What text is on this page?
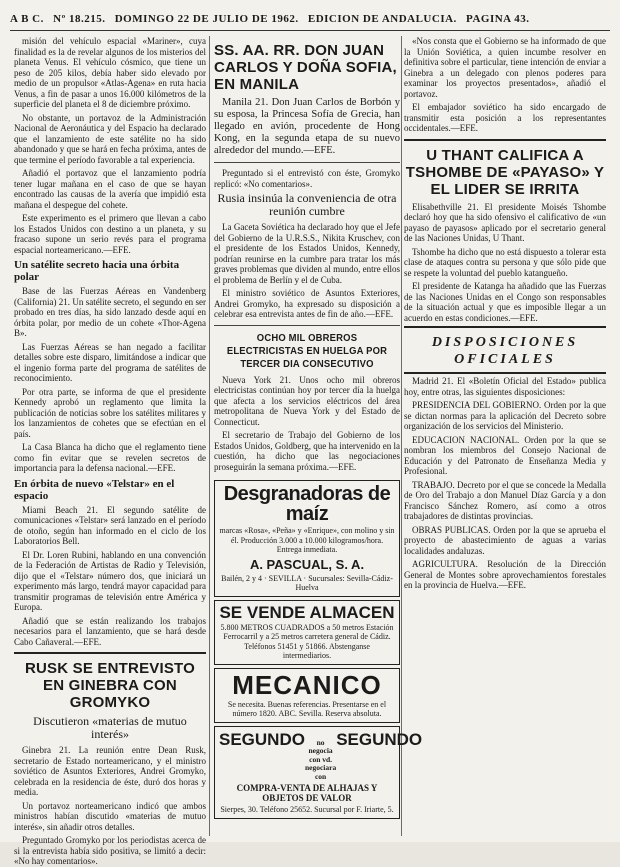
A B C. Nº 18.215. DOMINGO 22 DE JULIO DE 1962. EDICION DE ANDALUCIA. PAGINA 43.

misión del vehículo espacial «Mariner», cuya finalidad es la de revelar algunos de los misterios del planeta Venus. El vehículo cósmico, que tiene un peso de 205 kilos, debía haber sido elevado por medio de un propulsor «Atlas-Agena» en ruta hacia Venus, a fin de pasar a unos 16.000 kilómetros de la superficie del planeta el 8 de diciembre próximo.

No obstante, un portavoz de la Administración Nacional de Aeronáutica y del Espacio ha declarado que el lanzamiento de este satélite no ha sido abandonado y que se hará en fecha próxima, antes de que termine el período favorable a tal experiencia.

Añadió el portavoz que el lanzamiento podría tener lugar mañana en el caso de que se hayan encontrado las causas de la avería que impidió esta mañana el despegue del cohete.

Este experimento es el primero que llevan a cabo los Estados Unidos con destino a un planeta, y su fracaso supone un serio revés para el programa espacial norteamericano.—EFE.

Un satélite secreto hacia una órbita polar

Base de las Fuerzas Aéreas en Vandenberg (California) 21. Un satélite secreto, el segundo en ser probado en tres días, ha sido lanzado desde aquí en órbita polar, por medio de un cohete «Thor-Agena B».

Las Fuerzas Aéreas se han negado a facilitar detalles sobre este disparo, limitándose a indicar que el ingenio forma parte del programa de satélites de reconocimiento.

Por otra parte, se informa de que el presidente Kennedy aprobó un reglamento que limita la publicación de noticias sobre los satélites militares y los lanzamientos de cohetes que se efectúan en el país.

La Casa Blanca ha dicho que el reglamento tiene como fin evitar que se revelen secretos de importancia para la defensa nacional.—EFE.

En órbita de nuevo «Telstar» en el espacio

Miami Beach 21. El segundo satélite de comunicaciones «Telstar» será lanzado en el período de otoño, según han informado en el ciclo de los Laboratorios Bell.

El Dr. Loren Rubini, hablando en una convención de la Federación de Artistas de Radio y Televisión, dijo que el «Telstar» número dos, que iniciará un experimento más largo, tendrá mayor capacidad para transmitir programas de televisión entre América y Europa.

Añadió que se están realizando los trabajos necesarios para el lanzamiento, que se hará desde Cabo Cañaveral.—EFE.

RUSK SE ENTREVISTO EN GINEBRA CON GROMYKO
Discutieron «materias de mutuo interés»

Ginebra 21. La reunión entre Dean Rusk, secretario de Estado norteamericano, y el ministro soviético de Asuntos Exteriores, Andrei Gromyko, celebrada en la residencia de éste, duró dos horas y media.

Un portavoz norteamericano indicó que ambos ministros habían discutido «materias de mutuo interés», sin añadir otros detalles.

Preguntado Gromyko por los periodistas acerca de si la entrevista había sido positiva, se limitó a decir: «No hay comentarios».

SS. AA. RR. DON JUAN CARLOS Y DOÑA SOFIA, EN MANILA

Manila 21. Don Juan Carlos de Borbón y su esposa, la Princesa Sofía de Grecia, han llegado en avión, procedente de Hong Kong, en la segunda etapa de su nuevo alrededor del mundo.—EFE.

Preguntado si el entrevistó con éste, Gromyko replicó: «No comentarios».

Rusia insinúa la conveniencia de otra reunión cumbre

La Gaceta Soviética ha declarado hoy que el Jefe del Gobierno de la U.R.S.S., Nikita Kruschev, con el presidente de los Estados Unidos, Kennedy, podrían reunirse en la cumbre para tratar los más graves problemas que dividen al mundo, entre ellos el problema de Berlín y el de Cuba.

El ministro soviético de Asuntos Exteriores, Andrei Gromyko, ha expresado su disposición a celebrar esa entrevista antes de fin de año.—EFE.

OCHO MIL OBREROS ELECTRICISTAS EN HUELGA POR TERCER DIA CONSECUTIVO

Nueva York 21. Unos ocho mil obreros electricistas continúan hoy por tercer día la huelga que afecta a los servicios eléctricos del área metropolitana de Nueva York y del Estado de Connecticut.

El secretario de Trabajo del Gobierno de los Estados Unidos, Goldberg, que ha intervenido en la cuestión, ha dicho que las negociaciones proseguirán la semana próxima.—EFE.

Desgranadoras de maíz
marcas «Rosa», «Peña» y «Enrique», con molino y sin él. Producción 3.000 a 10.000 kilogramos/hora. Entrega inmediata.
A. PASCUAL, S. A.
Bailén, 2 y 4 · SEVILLA · Sucursales: Sevilla-Cádiz-Huelva
SE VENDE ALMACEN
5.800 METROS CUADRADOS a 50 metros Estación Ferrocarril y a 25 metros carretera general de Cádiz. Teléfonos 51451 y 51866. Abstenganse intermediarios.
MECANICO
Se necesita. Buenas referencias. Presentarse en el número 1820. ABC. Sevilla. Reserva absoluta.
SEGUNDO	no negocia con vd. negociara con
SEGUNDO
COMPRA-VENTA DE ALHAJAS Y OBJETOS DE VALOR
Sierpes, 30. Teléfono 25652. Sucursal por F. Iriarte, 5.

«Nos consta que el Gobierno se ha informado de que la Unión Soviética, a quien incumbe resolver en definitiva sobre el particular, tiene intención de enviar a Ginebra a un delegado con plenos poderes para examinar los proyectos presentados», añadió el portavoz.

El embajador soviético ha sido encargado de transmitir esta posición a los representantes occidentales.—EFE.

U THANT CALIFICA A TSHOMBE DE «PAYASO» Y EL LIDER SE IRRITA

Elisabethville 21. El presidente Moisés Tshombe declaró hoy que ha sido ofensivo el calificativo de «un payaso de payasos» aplicado por el secretario general de las Naciones Unidas, U Thant.

Tshombe ha dicho que no está dispuesto a tolerar esta clase de ataques contra su persona y que sólo pide que se respete la voluntad del pueblo katangueño.

El presidente de Katanga ha añadido que las Fuerzas de las Naciones Unidas en el Congo son responsables de la situación actual y que es imposible llegar a un acuerdo en estas condiciones.—EFE.

DISPOSICIONES OFICIALES

Madrid 21. El «Boletín Oficial del Estado» publica hoy, entre otras, las siguientes disposiciones:

PRESIDENCIA DEL GOBIERNO. Orden por la que se dictan normas para la aplicación del Decreto sobre organización de los servicios del Ministerio.

EDUCACION NACIONAL. Orden por la que se nombran los miembros del Consejo Nacional de Educación y del Patronato de Enseñanza Media y Profesional.

TRABAJO. Decreto por el que se concede la Medalla de Oro del Trabajo a don Manuel Díaz García y a don Francisco Sánchez Romero, así como a otros trabajadores de distintas provincias.

OBRAS PUBLICAS. Orden por la que se aprueba el proyecto de abastecimiento de aguas a varias localidades andaluzas.

AGRICULTURA. Resolución de la Dirección General de Montes sobre aprovechamientos forestales en la provincia de Huelva.—EFE.
